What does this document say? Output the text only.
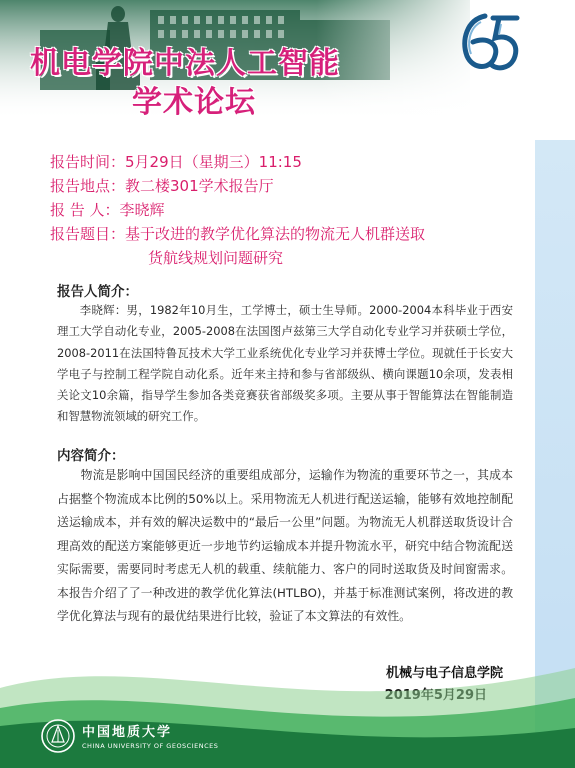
机电学院中法人工智能
学术论坛
报告时间：5月29日（星期三）11:15
报告地点：教二楼301学术报告厅
报 告 人：李晓辉
报告题目：基于改进的教学优化算法的物流无人机群送取
货航线规划问题研究
报告人简介：

李晓辉：男，1982年10月生，工学博士，硕士生导师。2000-2004本科毕业于西安理工大学自动化专业，2005-2008在法国图卢兹第三大学自动化专业学习并获硕士学位，2008-2011在法国特鲁瓦技术大学工业系统优化专业学习并获博士学位。现就任于长安大学电子与控制工程学院自动化系。近年来主持和参与省部级纵、横向课题10余项，发表相关论文10余篇，指导学生参加各类竞赛获省部级奖多项。主要从事于智能算法在智能制造和智慧物流领域的研究工作。

内容简介：

物流是影响中国国民经济的重要组成部分，运输作为物流的重要环节之一，其成本占据整个物流成本比例的50%以上。采用物流无人机进行配送运输，能够有效地控制配送运输成本，并有效的解决运数中的“最后一公里”问题。为物流无人机群送取货设计合理高效的配送方案能够更近一步地节约运输成本并提升物流水平，研究中结合物流配送实际需要，需要同时考虑无人机的载重、续航能力、客户的同时送取货及时间窗需求。本报告介绍了了一种改进的教学优化算法(HTLBO)，并基于标准测试案例，将改进的教学优化算法与现有的最优结果进行比较，验证了本文算法的有效性。

机械与电子信息学院
中国地质大学
CHINA UNIVERSITY OF GEOSCIENCES
